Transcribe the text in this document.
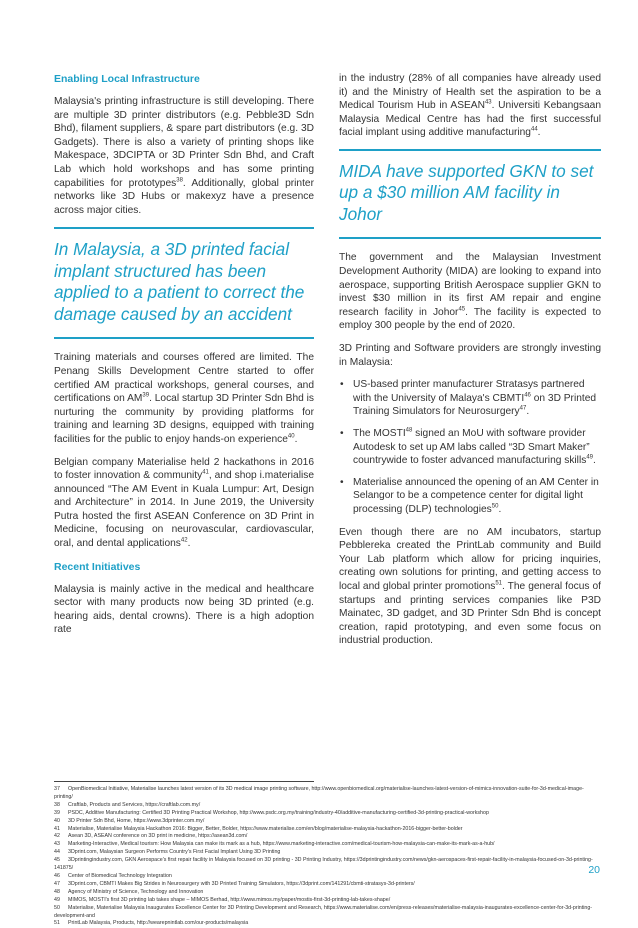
Enabling Local Infrastructure

Malaysia's printing infrastructure is still developing. There are multiple 3D printer distributors (e.g. Pebble3D Sdn Bhd), filament suppliers, & spare part distributors (e.g. 3D Gadgets). There is also a variety of printing shops like Makespace, 3DCIPTA or 3D Printer Sdn Bhd, and Craft Lab which hold workshops and has some printing capabilities for prototypes$^{38}$. Additionally, global printer networks like 3D Hubs or makexyz have a presence across major cities.

In Malaysia, a 3D printed facial implant structured has been applied to a patient to correct the damage caused by an accident

Training materials and courses offered are limited. The Penang Skills Development Centre started to offer certified AM practical workshops, general courses, and certifications on AM$^{39}$. Local startup 3D Printer Sdn Bhd is nurturing the community by providing platforms for training and learning 3D designs, equipped with training facilities for the public to enjoy hands-on experience$^{40}$.

Belgian company Materialise held 2 hackathons in 2016 to foster innovation & community$^{41}$, and shop i.materialise announced “The AM Event in Kuala Lumpur: Art, Design and Architecture” in 2014. In June 2019, the University Putra hosted the first ASEAN Conference on 3D Print in Medicine, focusing on neurovascular, cardiovascular, oral, and dental applications$^{42}$.

Recent Initiatives

Malaysia is mainly active in the medical and healthcare sector with many products now being 3D printed (e.g. hearing aids, dental crowns). There is a high adoption rate

in the industry (28% of all companies have already used it) and the Ministry of Health set the aspiration to be a Medical Tourism Hub in ASEAN$^{43}$. Universiti Kebangsaan Malaysia Medical Centre has had the first successful facial implant using additive manufacturing$^{44}$.

MIDA have supported GKN to set up a $30 million AM facility in Johor

The government and the Malaysian Investment Development Authority (MIDA) are looking to expand into aerospace, supporting British Aerospace supplier GKN to invest $30 million in its first AM repair and engine research facility in Johor$^{45}$. The facility is expected to employ 300 people by the end of 2020.

3D Printing and Software providers are strongly investing in Malaysia:

• US-based printer manufacturer Stratasys partnered with the University of Malaya's CBMTI$^{46}$ on 3D Printed Training Simulators for Neurosurgery$^{47}$.
• The MOSTI$^{48}$ signed an MoU with software provider Autodesk to set up AM labs called “3D Smart Maker” countrywide to foster advanced manufacturing skills$^{49}$.
• Materialise announced the opening of an AM Center in Selangor to be a competence center for digital light processing (DLP) technologies$^{50}$.

Even though there are no AM incubators, startup Pebblereka created the PrintLab community and Build Your Lab platform which allow for pricing inquiries, creating own solutions for printing, and getting access to local and global printer promotions$^{51}$. The general focus of startups and printing services companies like P3D Mainatec, 3D gadget, and 3D Printer Sdn Bhd is concept creation, rapid prototyping, and even some focus on industrial production.

37 OpenBiomedical Initiative, Materialise launches latest version of its 3D medical image printing software, http://www.openbiomedical.org/materialise-launches-latest-version-of-mimics-innovation-suite-for-3d-medical-image-printing/
38 Craftlab, Products and Services, https://craftlab.com.my/
39 PSDC, Additive Manufacturing: Certified 3D Printing Practical Workshop, http://www.psdc.org.my/training/industry-40/additive-manufacturing-certified-3d-printing-practical-workshop
40 3D Printer Sdn Bhd, Home, https://www.3dprinter.com.my/
41 Materialise, Materialise Malaysia Hackathon 2016: Bigger, Better, Bolder, https://www.materialise.com/en/blog/materialise-malaysia-hackathon-2016-bigger-better-bolder
42 Asean 3D, ASEAN conference on 3D print in medicine, https://asean3d.com/
43 Marketing-Interactive, Medical tourism: How Malaysia can make its mark as a hub, https://www.marketing-interactive.com/medical-tourism-how-malaysia-can-make-its-mark-as-a-hub/
44 3Dprint.com, Malaysian Surgeon Performs Country's First Facial Implant Using 3D Printing
45 3Dprintingindustry.com, GKN Aerospace's first repair facility in Malaysia focused on 3D printing - 3D Printing Industry, https://3dprintingindustry.com/news/gkn-aerospaces-first-repair-facility-in-malaysia-focused-on-3d-printing-141875/
46 Center of Biomedical Technology Integration
47 3Dprint.com, CBMTI Makes Big Strides in Neurosurgery with 3D Printed Training Simulators, https://3dprint.com/141291/cbmti-stratasys-3d-printers/
48 Agency of Ministry of Science, Technology and Innovation
49 MIMOS, MOSTI's first 3D printing lab takes shape – MIMOS Berhad, http://www.mimos.my/paper/mostis-first-3d-printing-lab-takes-shape/
50 Materialise, Materialise Malaysia Inaugurates Excellence Center for 3D Printing Development and Research, https://www.materialise.com/en/press-releases/materialise-malaysia-inaugurates-excellence-center-for-3d-printing-development-and
51 PrintLab Malaysia, Products, http://wearepnintlab.com/our-products/malaysia
20
